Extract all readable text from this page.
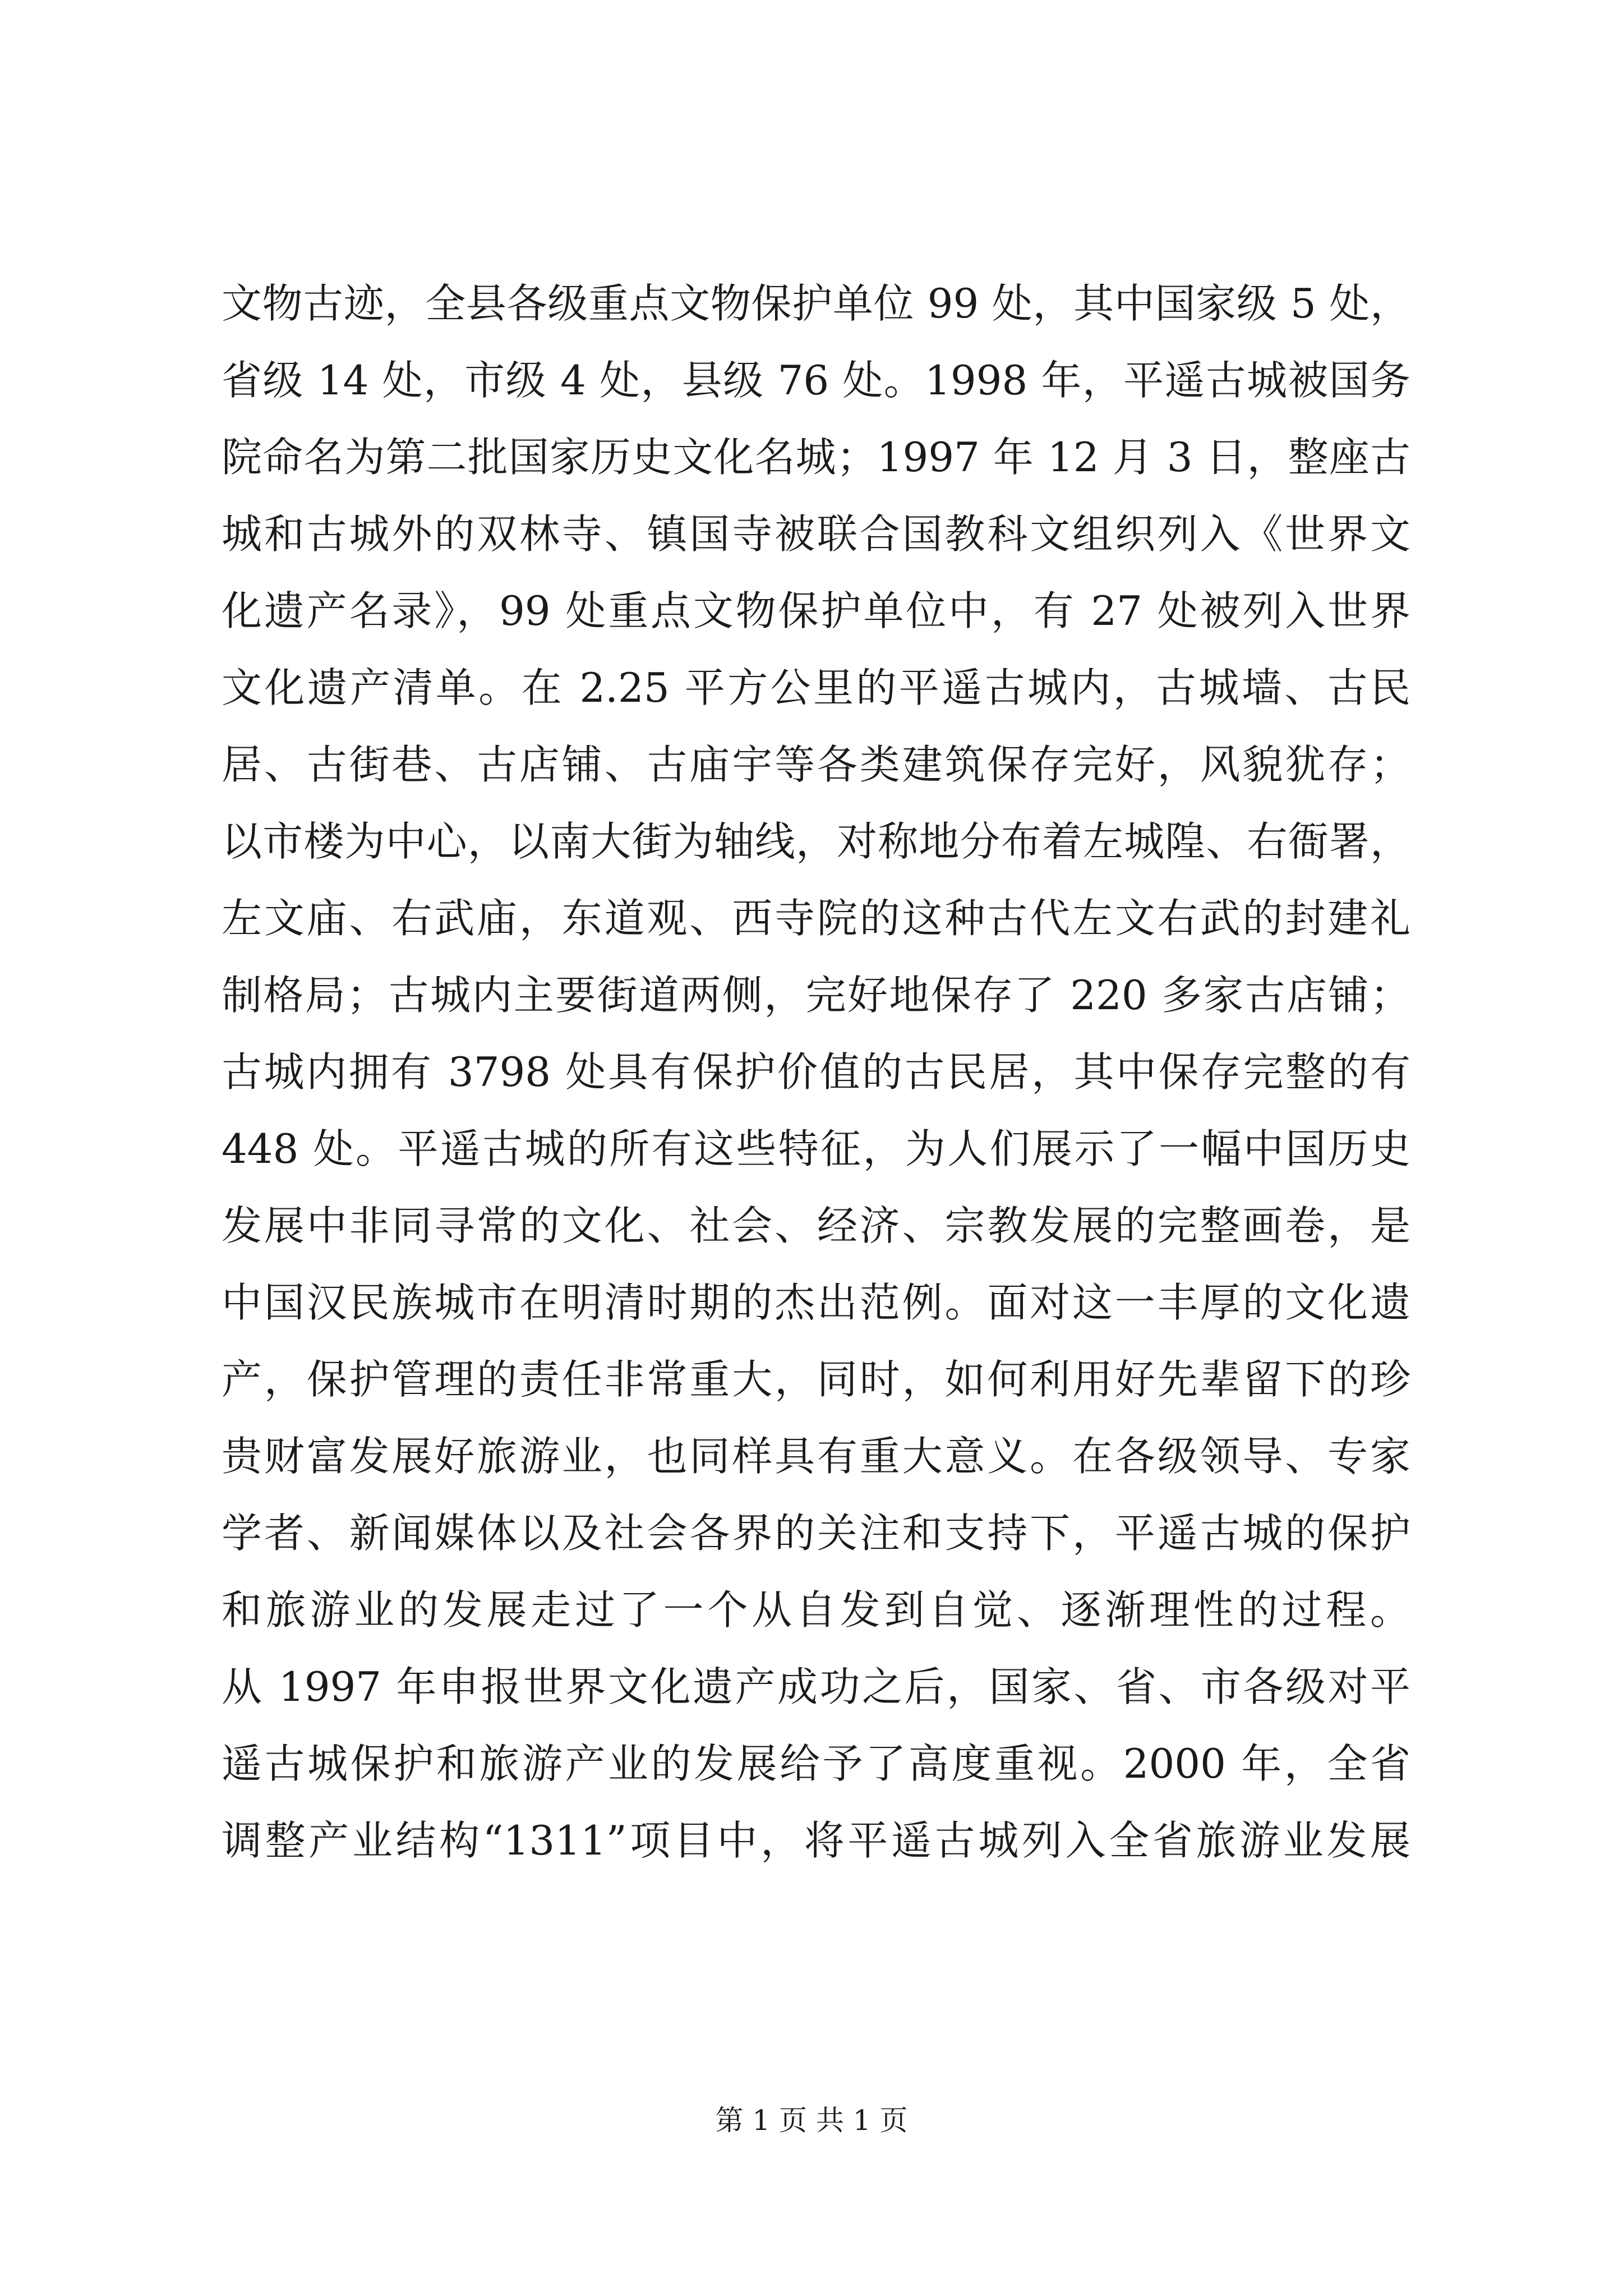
文物古迹，全县各级重点文物保护单位 99 处，其中国家级 5 处，
省级 14 处，市级 4 处，县级 76 处。1998 年，平遥古城被国务
院命名为第二批国家历史文化名城；1997 年 12 月 3 日，整座古
城和古城外的双林寺、镇国寺被联合国教科文组织列入《世界文
化遗产名录》，99 处重点文物保护单位中，有 27 处被列入世界
文化遗产清单。在 2.25 平方公里的平遥古城内，古城墙、古民
居、古街巷、古店铺、古庙宇等各类建筑保存完好，风貌犹存；
以市楼为中心，以南大街为轴线，对称地分布着左城隍、右衙署，
左文庙、右武庙，东道观、西寺院的这种古代左文右武的封建礼
制格局；古城内主要街道两侧，完好地保存了 220 多家古店铺；
古城内拥有 3798 处具有保护价值的古民居，其中保存完整的有
448 处。平遥古城的所有这些特征，为人们展示了一幅中国历史
发展中非同寻常的文化、社会、经济、宗教发展的完整画卷，是
中国汉民族城市在明清时期的杰出范例。面对这一丰厚的文化遗
产，保护管理的责任非常重大，同时，如何利用好先辈留下的珍
贵财富发展好旅游业，也同样具有重大意义。在各级领导、专家
学者、新闻媒体以及社会各界的关注和支持下，平遥古城的保护
和旅游业的发展走过了一个从自发到自觉、逐渐理性的过程。
从 1997 年申报世界文化遗产成功之后，国家、省、市各级对平
遥古城保护和旅游产业的发展给予了高度重视。2000 年，全省
调整产业结构“1311”项目中，将平遥古城列入全省旅游业发展
第 1 页 共 1 页
